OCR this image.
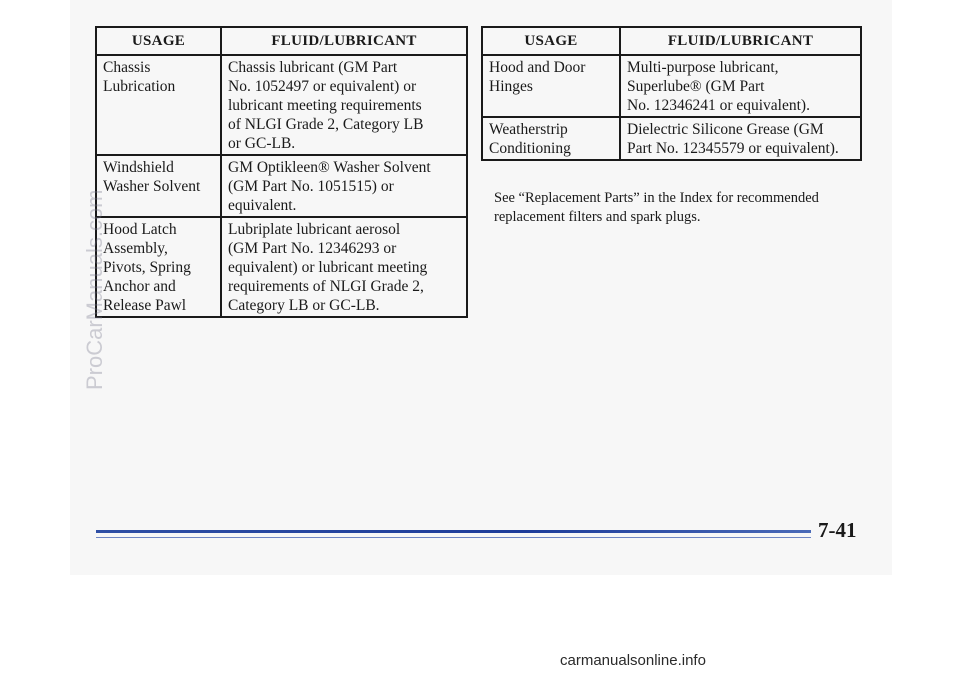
USAGE	FLUID/LUBRICANT

Chassis
Lubrication	Chassis lubricant (GM Part
No. 1052497 or equivalent) or
lubricant meeting requirements
of NLGI Grade 2, Category LB
or GC-LB.

Windshield
Washer Solvent	GM Optikleen® Washer Solvent
(GM Part No. 1051515) or
equivalent.

Hood Latch
Assembly,
Pivots, Spring
Anchor and
Release Pawl	Lubriplate lubricant aerosol
(GM Part No. 12346293 or
equivalent) or lubricant meeting
requirements of NLGI Grade 2,
Category LB or GC-LB.
USAGE	FLUID/LUBRICANT

Hood and Door
Hinges	Multi-purpose lubricant,
Superlube® (GM Part
No. 12346241 or equivalent).

Weatherstrip
Conditioning	Dielectric Silicone Grease (GM
Part No. 12345579 or equivalent).

See “Replacement Parts” in the Index for recommended replacement filters and spark plugs.

7-41
ProCarManuals.com
carmanualsonline.info
